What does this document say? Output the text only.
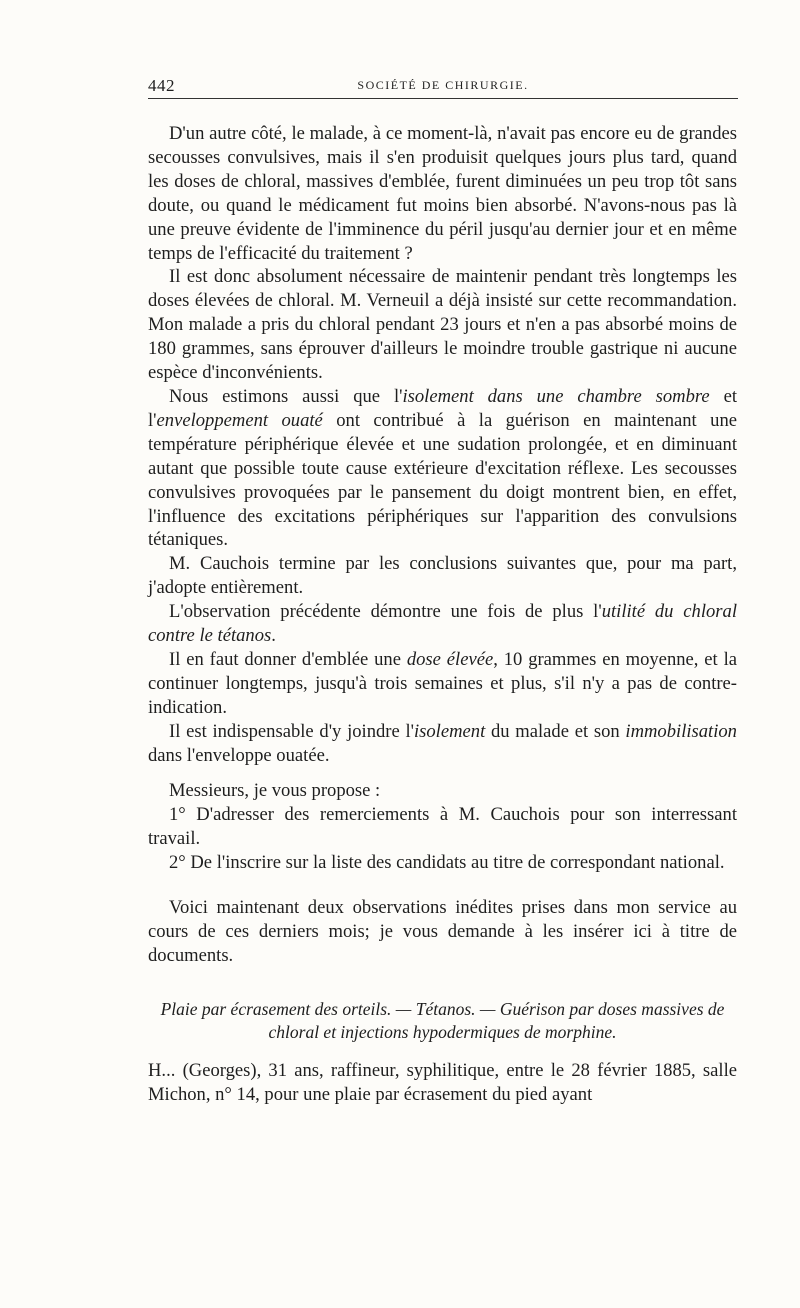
442	SOCIÉTÉ DE CHIRURGIE.

D'un autre côté, le malade, à ce moment-là, n'avait pas encore eu de grandes secousses convulsives, mais il s'en produisit quelques jours plus tard, quand les doses de chloral, massives d'emblée, furent diminuées un peu trop tôt sans doute, ou quand le médicament fut moins bien absorbé. N'avons-nous pas là une preuve évidente de l'imminence du péril jusqu'au dernier jour et en même temps de l'efficacité du traitement ?

Il est donc absolument nécessaire de maintenir pendant très longtemps les doses élevées de chloral. M. Verneuil a déjà insisté sur cette recommandation. Mon malade a pris du chloral pendant 23 jours et n'en a pas absorbé moins de 180 grammes, sans éprouver d'ailleurs le moindre trouble gastrique ni aucune espèce d'inconvénients.

Nous estimons aussi que l'isolement dans une chambre sombre et l'enveloppement ouaté ont contribué à la guérison en maintenant une température périphérique élevée et une sudation prolongée, et en diminuant autant que possible toute cause extérieure d'excitation réflexe. Les secousses convulsives provoquées par le pansement du doigt montrent bien, en effet, l'influence des excitations périphériques sur l'apparition des convulsions tétaniques.

M. Cauchois termine par les conclusions suivantes que, pour ma part, j'adopte entièrement.

L'observation précédente démontre une fois de plus l'utilité du chloral contre le tétanos.

Il en faut donner d'emblée une dose élevée, 10 grammes en moyenne, et la continuer longtemps, jusqu'à trois semaines et plus, s'il n'y a pas de contre-indication.

Il est indispensable d'y joindre l'isolement du malade et son immobilisation dans l'enveloppe ouatée.

Messieurs, je vous propose :

1° D'adresser des remerciements à M. Cauchois pour son interressant travail.

2° De l'inscrire sur la liste des candidats au titre de correspondant national.

Voici maintenant deux observations inédites prises dans mon service au cours de ces derniers mois; je vous demande à les insérer ici à titre de documents.

Plaie par écrasement des orteils. — Tétanos. — Guérison par doses massives de chloral et injections hypodermiques de morphine.

H... (Georges), 31 ans, raffineur, syphilitique, entre le 28 février 1885, salle Michon, n° 14, pour une plaie par écrasement du pied ayant
